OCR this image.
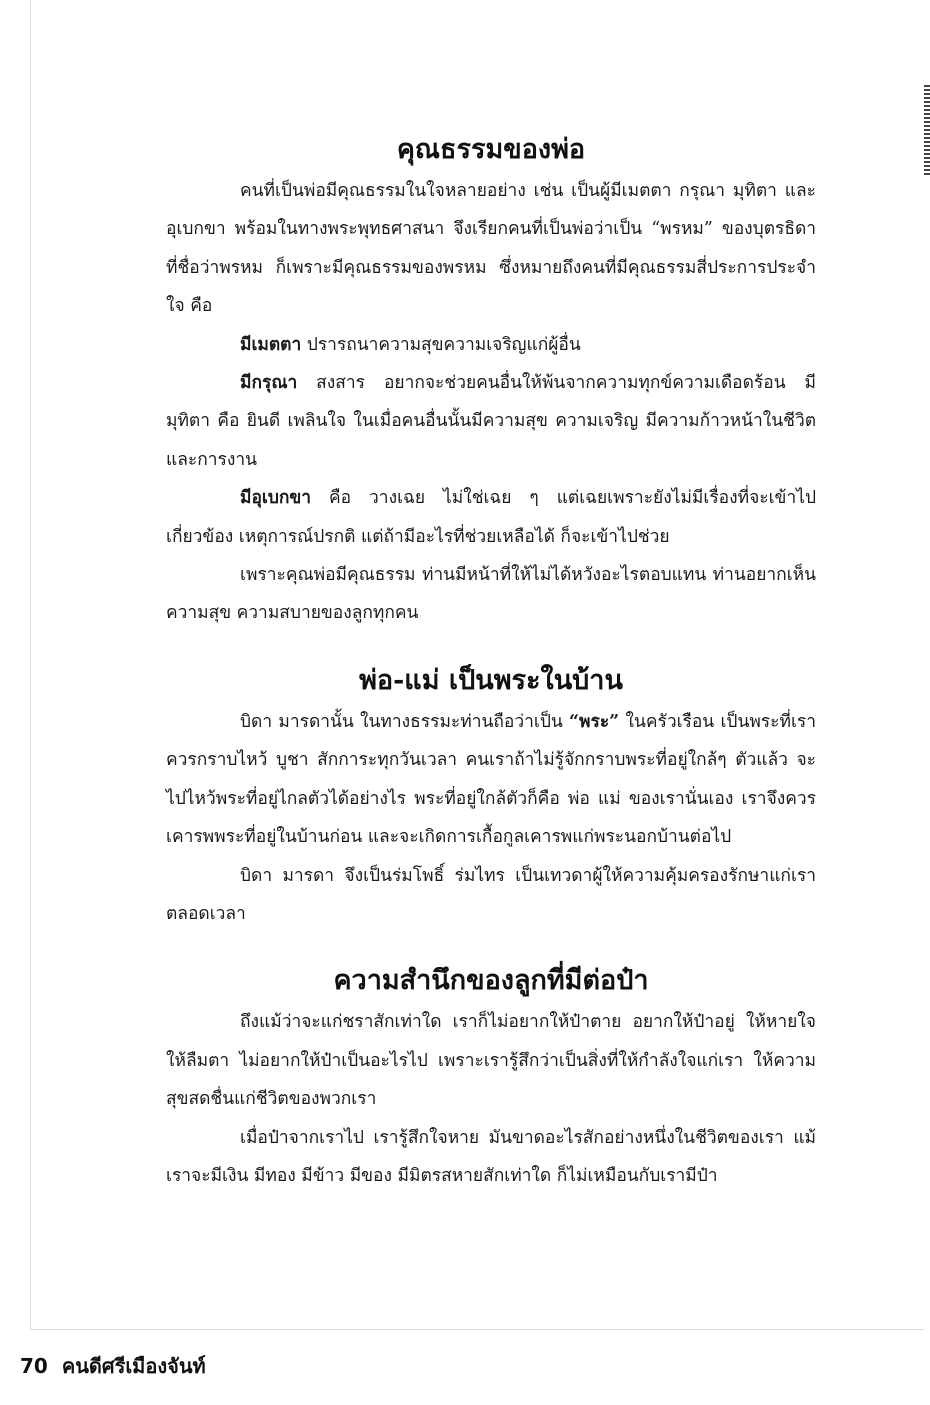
คุณธรรมของพ่อ

คนที่เป็นพ่อมีคุณธรรมในใจหลายอย่าง เช่น เป็นผู้มีเมตตา กรุณา มุทิตา และอุเบกขา พร้อมในทางพระพุทธศาสนา จึงเรียกคนที่เป็นพ่อว่าเป็น “พรหม” ของบุตรธิดา ที่ชื่อว่าพรหม ก็เพราะมีคุณธรรมของพรหม ซึ่งหมายถึงคนที่มีคุณธรรมสี่ประการประจำใจ คือ

มีเมตตา ปรารถนาความสุขความเจริญแก่ผู้อื่น

มีกรุณา สงสาร อยากจะช่วยคนอื่นให้พ้นจากความทุกข์ความเดือดร้อน มีมุทิตา คือ ยินดี เพลินใจ ในเมื่อคนอื่นนั้นมีความสุข ความเจริญ มีความก้าวหน้าในชีวิตและการงาน

มีอุเบกขา คือ วางเฉย ไม่ใช่เฉย ๆ แต่เฉยเพราะยังไม่มีเรื่องที่จะเข้าไปเกี่ยวข้อง เหตุการณ์ปรกติ แต่ถ้ามีอะไรที่ช่วยเหลือได้ ก็จะเข้าไปช่วย

เพราะคุณพ่อมีคุณธรรม ท่านมีหน้าที่ให้ไม่ได้หวังอะไรตอบแทน ท่านอยากเห็นความสุข ความสบายของลูกทุกคน

พ่อ-แม่ เป็นพระในบ้าน

บิดา มารดานั้น ในทางธรรมะท่านถือว่าเป็น “พระ” ในครัวเรือน เป็นพระที่เราควรกราบไหว้ บูชา สักการะทุกวันเวลา คนเราถ้าไม่รู้จักกราบพระที่อยู่ใกล้ๆ ตัวแล้ว จะไปไหว้พระที่อยู่ไกลตัวได้อย่างไร พระที่อยู่ใกล้ตัวก็คือ พ่อ แม่ ของเรานั่นเอง เราจึงควรเคารพพระที่อยู่ในบ้านก่อน และจะเกิดการเกื้อกูลเคารพแก่พระนอกบ้านต่อไป

บิดา มารดา จึงเป็นร่มโพธิ์ ร่มไทร เป็นเทวดาผู้ให้ความคุ้มครองรักษาแก่เราตลอดเวลา

ความสำนึกของลูกที่มีต่อป๋า

ถึงแม้ว่าจะแก่ชราสักเท่าใด เราก็ไม่อยากให้ป๋าตาย อยากให้ป๋าอยู่ ให้หายใจ ให้ลืมตา ไม่อยากให้ป๋าเป็นอะไรไป เพราะเรารู้สึกว่าเป็นสิ่งที่ให้กำลังใจแก่เรา ให้ความสุขสดชื่นแก่ชีวิตของพวกเรา

เมื่อป๋าจากเราไป เรารู้สึกใจหาย มันขาดอะไรสักอย่างหนึ่งในชีวิตของเรา แม้เราจะมีเงิน มีทอง มีข้าว มีของ มีมิตรสหายสักเท่าใด ก็ไม่เหมือนกับเรามีป๋า

70 คนดีศรีเมืองจันท์
